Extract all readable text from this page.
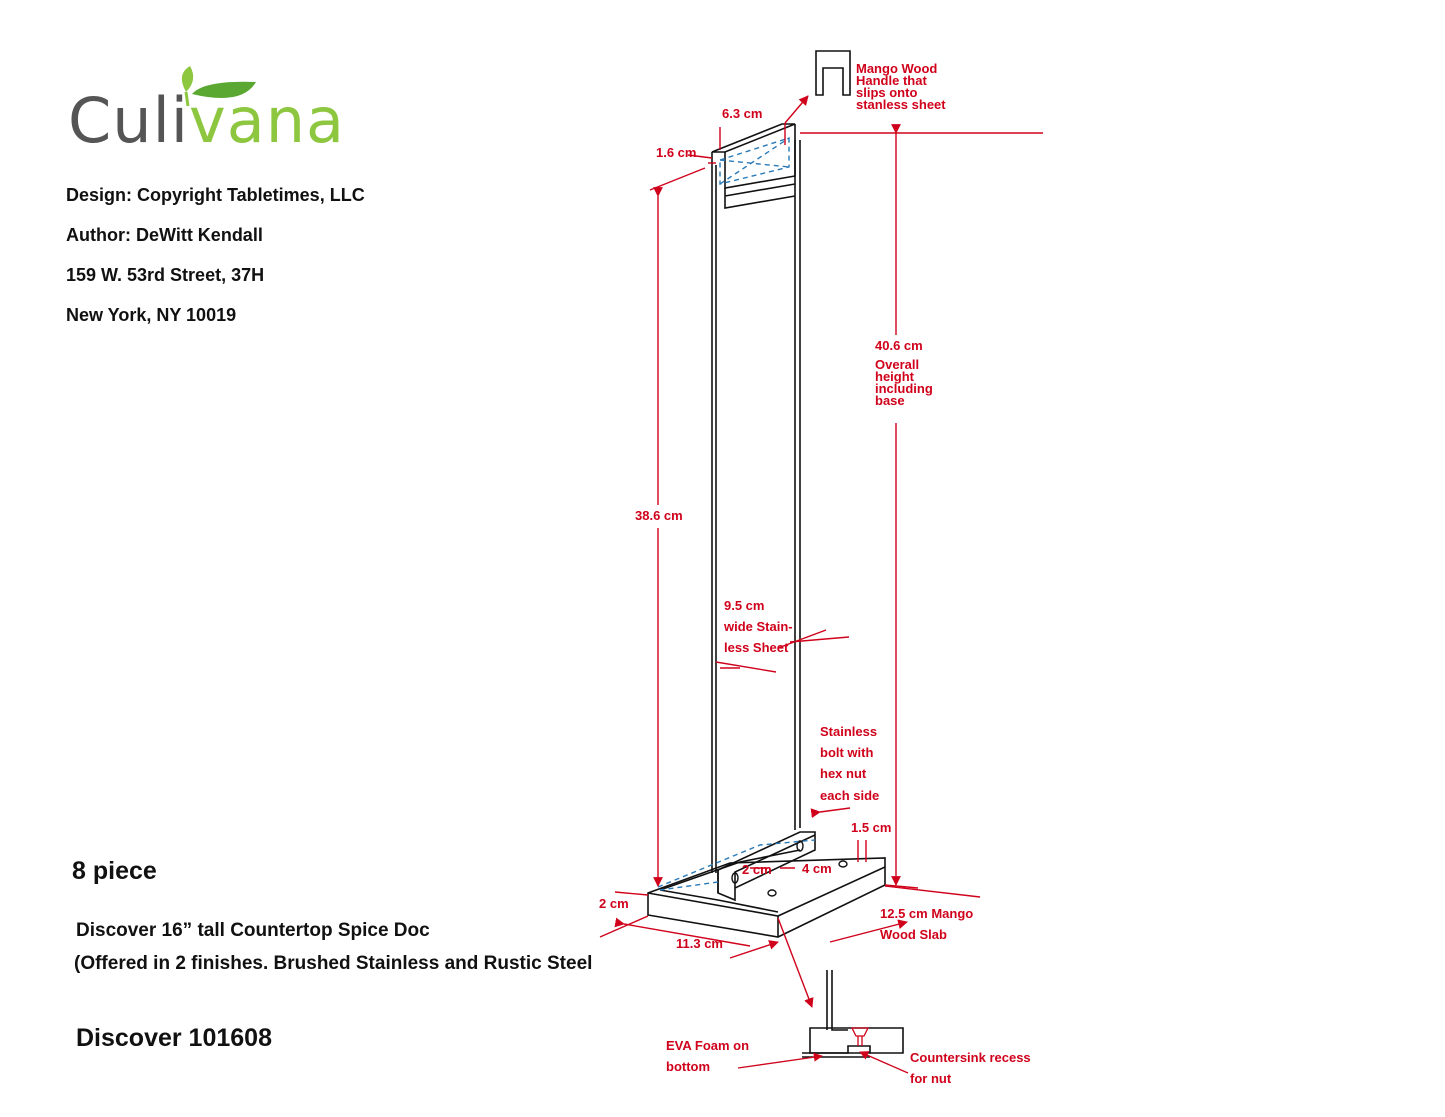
Culivana
Design: Copyright Tabletimes, LLC
Author: DeWitt Kendall
159 W. 53rd Street, 37H
New York, NY 10019
8 piece
Discover 16” tall Countertop Spice Doc
(Offered in 2 finishes. Brushed Stainless and Rustic Steel
Discover 101608
Mango Wood Handle that slips onto stanless sheet
6.3 cm
1.6 cm
40.6 cm Overall height including base
38.6 cm
9.5 cm wide Stain- less Sheet
Stainless bolt with hex nut each side
1.5 cm
2 cm 4 cm
2 cm
11.3 cm
12.5 cm Mango Wood Slab
EVA Foam on bottom
Countersink recess for nut
